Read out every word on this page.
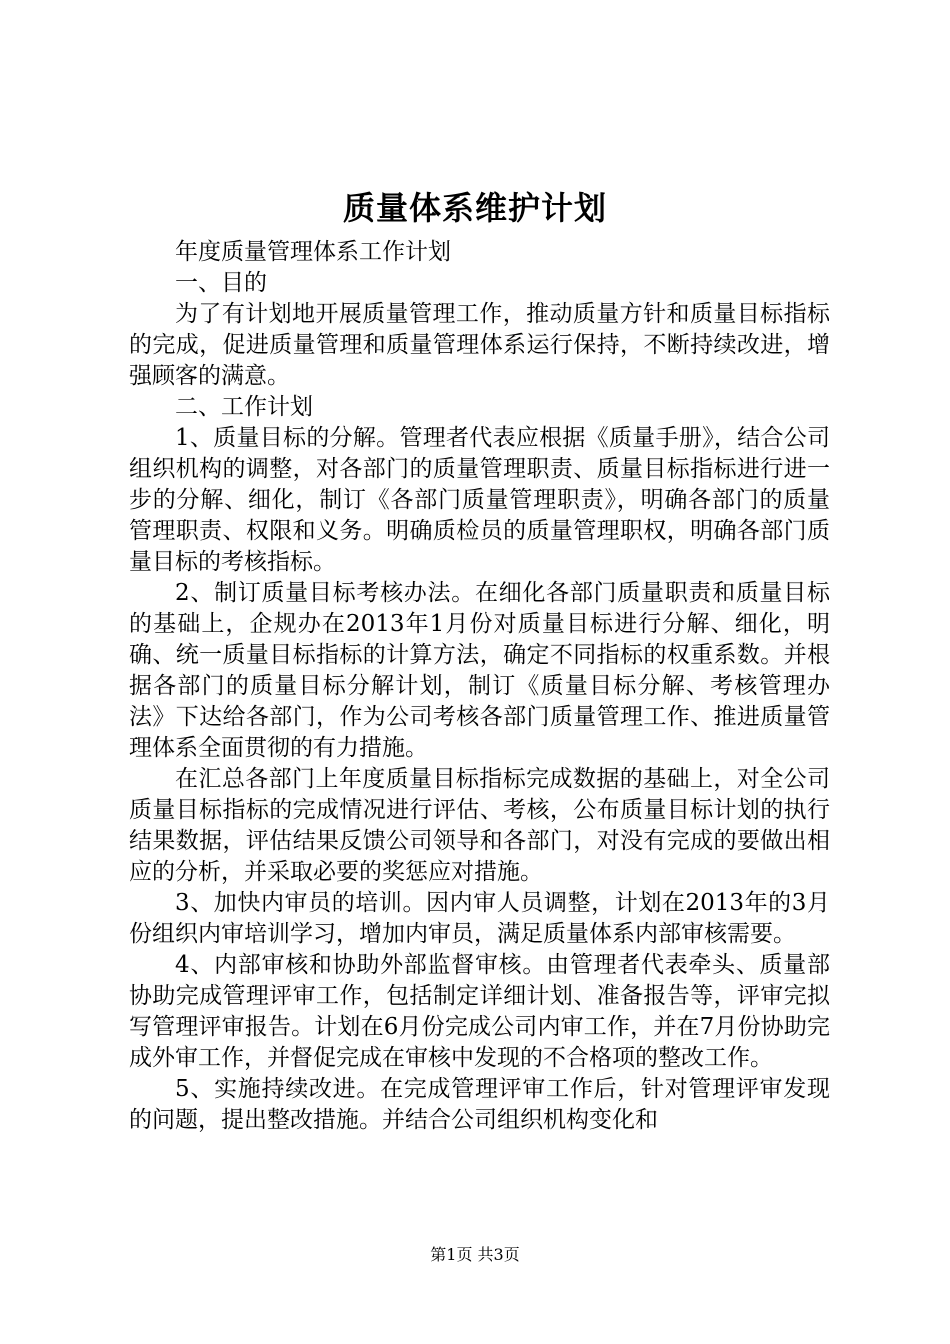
质量体系维护计划

年度质量管理体系工作计划

一、目的

为了有计划地开展质量管理工作，推动质量方针和质量目标指标的完成，促进质量管理和质量管理体系运行保持，不断持续改进，增强顾客的满意。

二、工作计划

1、质量目标的分解。管理者代表应根据《质量手册》，结合公司组织机构的调整，对各部门的质量管理职责、质量目标指标进行进一步的分解、细化，制订《各部门质量管理职责》，明确各部门的质量管理职责、权限和义务。明确质检员的质量管理职权，明确各部门质量目标的考核指标。

2、制订质量目标考核办法。在细化各部门质量职责和质量目标的基础上，企规办在2013年1月份对质量目标进行分解、细化，明确、统一质量目标指标的计算方法，确定不同指标的权重系数。并根据各部门的质量目标分解计划，制订《质量目标分解、考核管理办法》下达给各部门，作为公司考核各部门质量管理工作、推进质量管理体系全面贯彻的有力措施。

在汇总各部门上年度质量目标指标完成数据的基础上，对全公司质量目标指标的完成情况进行评估、考核，公布质量目标计划的执行结果数据，评估结果反馈公司领导和各部门，对没有完成的要做出相应的分析，并采取必要的奖惩应对措施。

3、加快内审员的培训。因内审人员调整，计划在2013年的3月份组织内审培训学习，增加内审员，满足质量体系内部审核需要。

4、内部审核和协助外部监督审核。由管理者代表牵头、质量部协助完成管理评审工作，包括制定详细计划、准备报告等，评审完拟写管理评审报告。计划在6月份完成公司内审工作，并在7月份协助完成外审工作，并督促完成在审核中发现的不合格项的整改工作。

5、实施持续改进。在完成管理评审工作后，针对管理评审发现的问题，提出整改措施。并结合公司组织机构变化和

第1页 共3页
